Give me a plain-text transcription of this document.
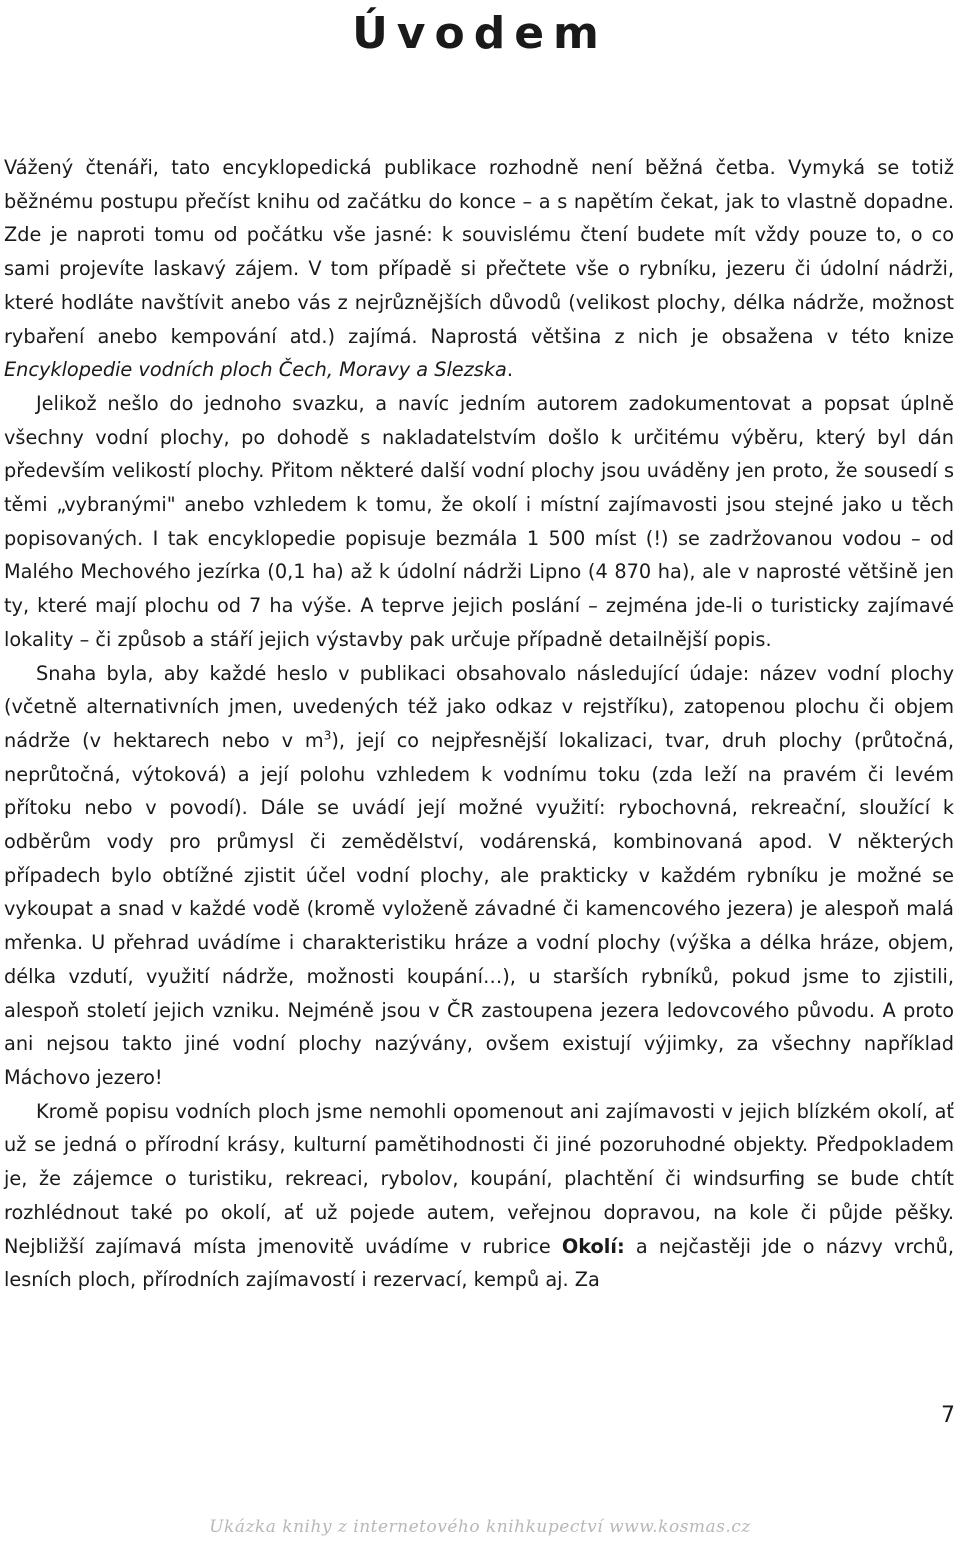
Úvodem

Vážený čtenáři, tato encyklopedická publikace rozhodně není běžná četba. Vymyká se totiž běžnému postupu přečíst knihu od začátku do konce – a s napětím čekat, jak to vlastně dopadne. Zde je naproti tomu od počátku vše jasné: k souvislému čtení budete mít vždy pouze to, o co sami projevíte laskavý zájem. V tom případě si přečtete vše o rybníku, jezeru či údolní nádrži, které hodláte navštívit anebo vás z nejrůznějších důvodů (velikost plochy, délka nádrže, možnost rybaření anebo kempování atd.) zajímá. Naprostá většina z nich je obsažena v této knize Encyklopedie vodních ploch Čech, Moravy a Slezska.

Jelikož nešlo do jednoho svazku, a navíc jedním autorem zadokumentovat a popsat úplně všechny vodní plochy, po dohodě s nakladatelstvím došlo k určitému výběru, který byl dán především velikostí plochy. Přitom některé další vodní plochy jsou uváděny jen proto, že sousedí s těmi „vybranými" anebo vzhledem k tomu, že okolí i místní zajímavosti jsou stejné jako u těch popisovaných. I tak encyklopedie popisuje bezmála 1 500 míst (!) se zadržovanou vodou – od Malého Mechového jezírka (0,1 ha) až k údolní nádrži Lipno (4 870 ha), ale v naprosté většině jen ty, které mají plochu od 7 ha výše. A teprve jejich poslání – zejména jde-li o turisticky zajímavé lokality – či způsob a stáří jejich výstavby pak určuje případně detailnější popis.

Snaha byla, aby každé heslo v publikaci obsahovalo následující údaje: název vodní plochy (včetně alternativních jmen, uvedených též jako odkaz v rejstříku), zatopenou plochu či objem nádrže (v hektarech nebo v $m^3$), její co nejpřesnější lokalizaci, tvar, druh plochy (průtočná, neprůtočná, výtoková) a její polohu vzhledem k vodnímu toku (zda leží na pravém či levém přítoku nebo v povodí). Dále se uvádí její možné využití: rybochovná, rekreační, sloužící k odběrům vody pro průmysl či zemědělství, vodárenská, kombinovaná apod. V některých případech bylo obtížné zjistit účel vodní plochy, ale prakticky v každém rybníku je možné se vykoupat a snad v každé vodě (kromě vyloženě závadné či kamencového jezera) je alespoň malá mřenka. U přehrad uvádíme i charakteristiku hráze a vodní plochy (výška a délka hráze, objem, délka vzdutí, využití nádrže, možnosti koupání…), u starších rybníků, pokud jsme to zjistili, alespoň století jejich vzniku. Nejméně jsou v ČR zastoupena jezera ledovcového původu. A proto ani nejsou takto jiné vodní plochy nazývány, ovšem existují výjimky, za všechny například Máchovo jezero!

Kromě popisu vodních ploch jsme nemohli opomenout ani zajímavosti v jejich blízkém okolí, ať už se jedná o přírodní krásy, kulturní pamětihodnosti či jiné pozoruhodné objekty. Předpokladem je, že zájemce o turistiku, rekreaci, rybolov, koupání, plachtění či windsurfing se bude chtít rozhlédnout také po okolí, ať už pojede autem, veřejnou dopravou, na kole či půjde pěšky. Nejbližší zajímavá místa jmenovitě uvádíme v rubrice Okolí: a nejčastěji jde o názvy vrchů, lesních ploch, přírodních zajímavostí i rezervací, kempů aj. Za

7
Ukázka knihy z internetového knihkupectví www.kosmas.cz
